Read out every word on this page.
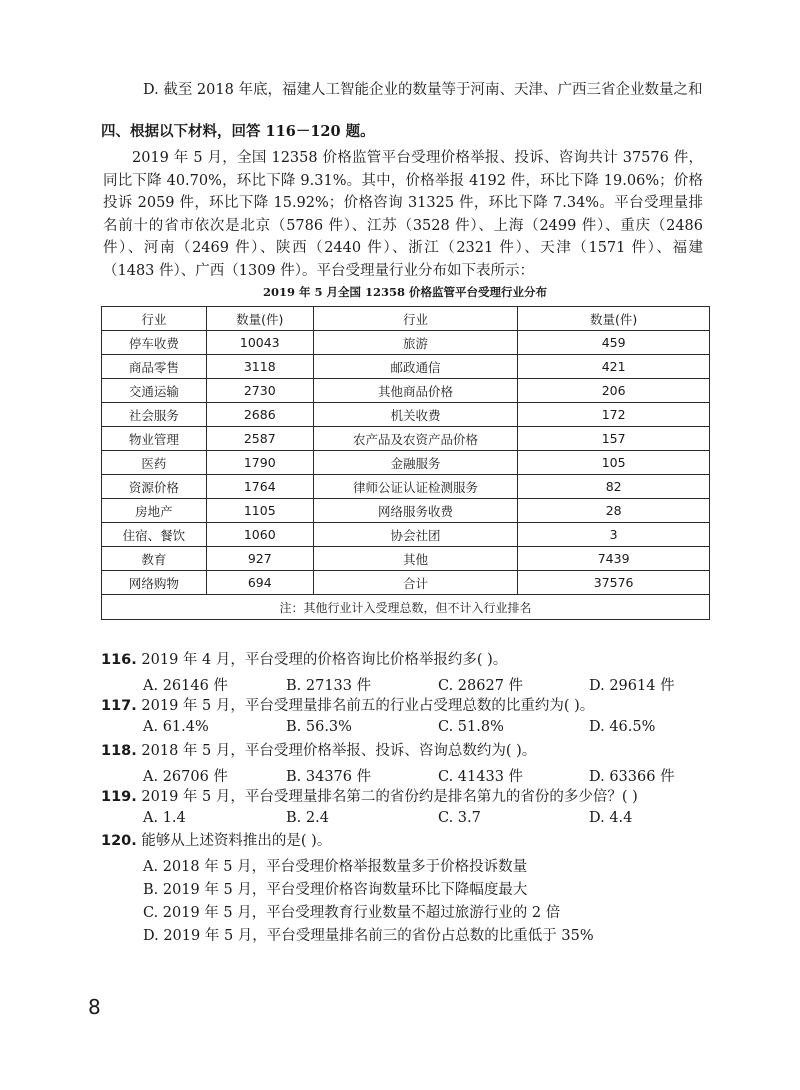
D. 截至 2018 年底，福建人工智能企业的数量等于河南、天津、广西三省企业数量之和
四、根据以下材料，回答 116－120 题。

2019 年 5 月，全国 12358 价格监管平台受理价格举报、投诉、咨询共计 37576 件，同比下降 40.70%，环比下降 9.31%。其中，价格举报 4192 件，环比下降 19.06%；价格投诉 2059 件，环比下降 15.92%；价格咨询 31325 件，环比下降 7.34%。平台受理量排名前十的省市依次是北京（5786 件）、江苏（3528 件）、上海（2499 件）、重庆（2486 件）、河南（2469 件）、陕西（2440 件）、浙江（2321 件）、天津（1571 件）、福建（1483 件）、广西（1309 件）。平台受理量行业分布如下表所示：

2019 年 5 月全国 12358 价格监管平台受理行业分布
行业	数量(件)	行业	数量(件)
停车收费	10043	旅游	459
商品零售	3118	邮政通信	421
交通运输	2730	其他商品价格	206
社会服务	2686	机关收费	172
物业管理	2587	农产品及农资产品价格	157
医药	1790	金融服务	105
资源价格	1764	律师公证认证检测服务	82
房地产	1105	网络服务收费	28
住宿、餐饮	1060	协会社团	3
教育	927	其他	7439
网络购物	694	合计	37576
注：其他行业计入受理总数，但不计入行业排名			
116. 2019 年 4 月，平台受理的价格咨询比价格举报约多( )。
A. 26146 件	B. 27133 件	C. 28627 件	D. 29614 件
117. 2019 年 5 月，平台受理量排名前五的行业占受理总数的比重约为( )。
A. 61.4%	B. 56.3%	C. 51.8%	D. 46.5%
118. 2018 年 5 月，平台受理价格举报、投诉、咨询总数约为( )。
A. 26706 件	B. 34376 件	C. 41433 件	D. 63366 件
119. 2019 年 5 月，平台受理量排名第二的省份约是排名第九的省份的多少倍？( )
A. 1.4	B. 2.4	C. 3.7	D. 4.4
120. 能够从上述资料推出的是( )。
A. 2018 年 5 月，平台受理价格举报数量多于价格投诉数量
B. 2019 年 5 月，平台受理价格咨询数量环比下降幅度最大
C. 2019 年 5 月，平台受理教育行业数量不超过旅游行业的 2 倍
D. 2019 年 5 月，平台受理量排名前三的省份占总数的比重低于 35%
8
